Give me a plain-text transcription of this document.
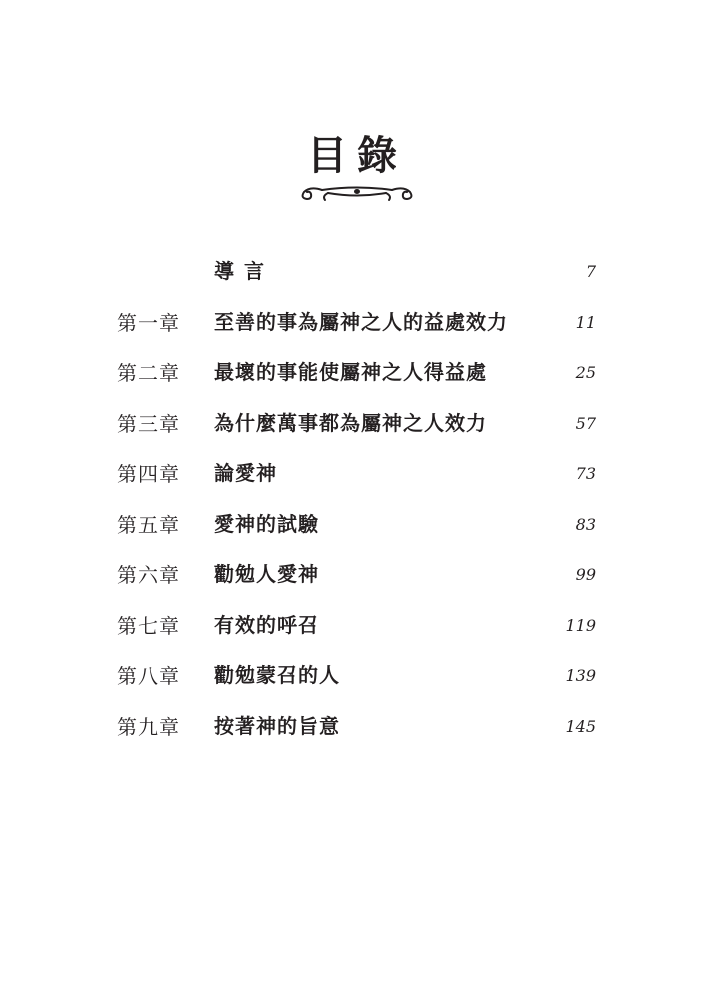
目錄
導言	7
第一章 至善的事為屬神之人的益處效力	11
第二章 最壞的事能使屬神之人得益處	25
第三章 為什麼萬事都為屬神之人效力	57
第四章 論愛神	73
第五章 愛神的試驗	83
第六章 勸勉人愛神	99
第七章 有效的呼召	119
第八章 勸勉蒙召的人	139
第九章 按著神的旨意	145
